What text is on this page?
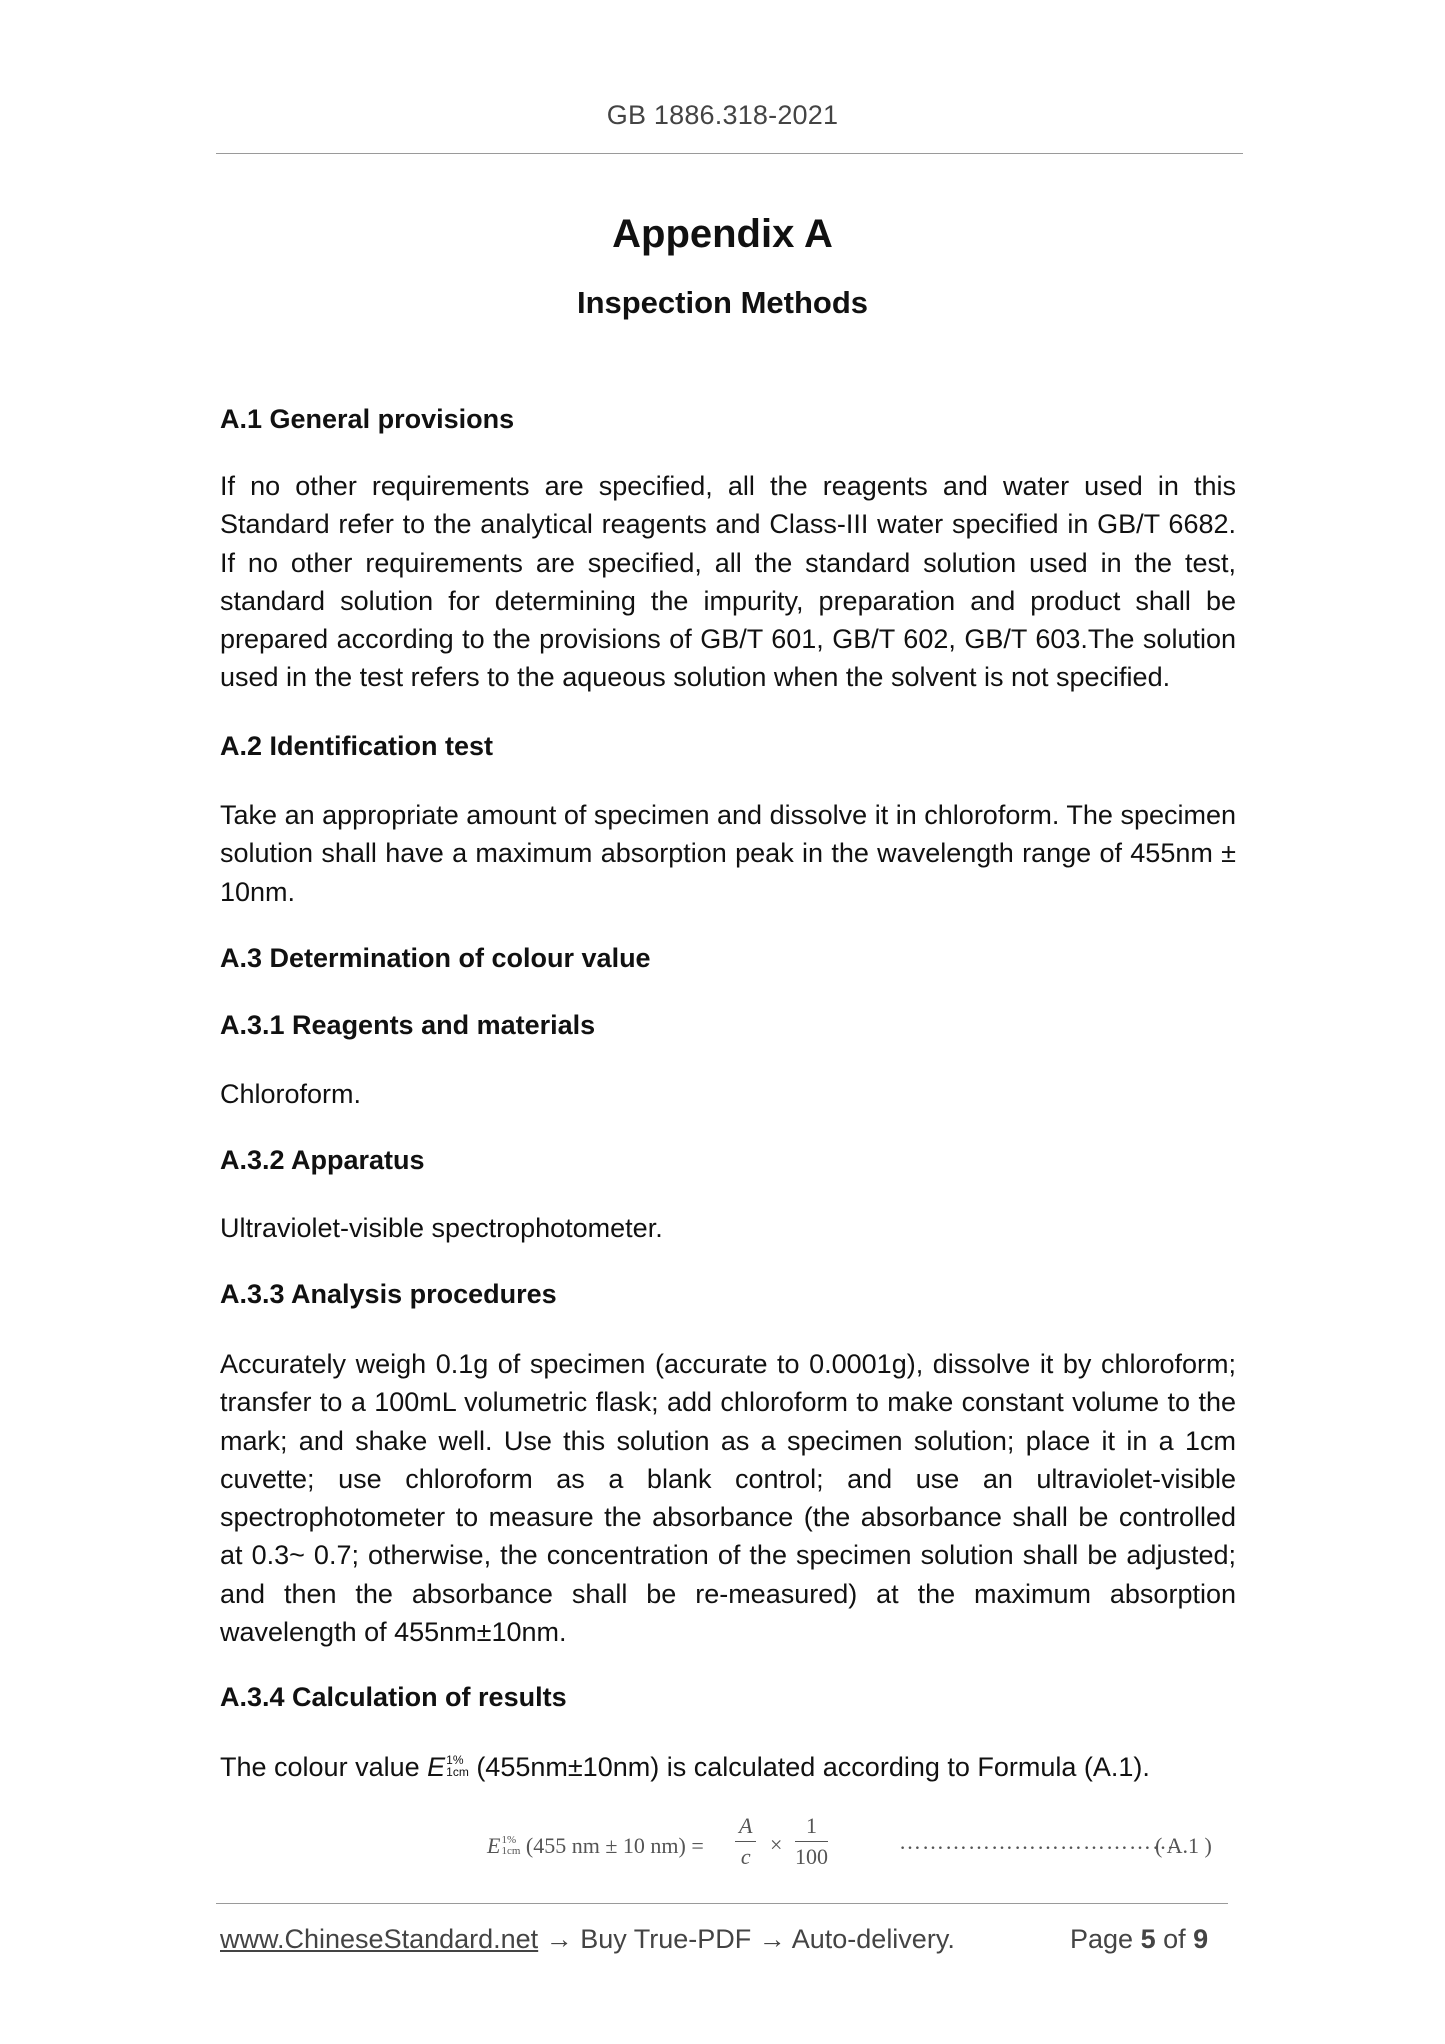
GB 1886.318-2021
Appendix A
Inspection Methods
A.1 General provisions

If no other requirements are specified, all the reagents and water used in this Standard refer to the analytical reagents and Class-III water specified in GB/T 6682. If no other requirements are specified, all the standard solution used in the test, standard solution for determining the impurity, preparation and product shall be prepared according to the provisions of GB/T 601, GB/T 602, GB/T 603.The solution used in the test refers to the aqueous solution when the solvent is not specified.

A.2 Identification test

Take an appropriate amount of specimen and dissolve it in chloroform. The specimen solution shall have a maximum absorption peak in the wavelength range of 455nm ± 10nm.

A.3 Determination of colour value
A.3.1 Reagents and materials

Chloroform.

A.3.2 Apparatus

Ultraviolet-visible spectrophotometer.

A.3.3 Analysis procedures

Accurately weigh 0.1g of specimen (accurate to 0.0001g), dissolve it by chloroform; transfer to a 100mL volumetric flask; add chloroform to make constant volume to the mark; and shake well. Use this solution as a specimen solution; place it in a 1cm cuvette; use chloroform as a blank control; and use an ultraviolet-visible spectrophotometer to measure the absorbance (the absorbance shall be controlled at 0.3~ 0.7; otherwise, the concentration of the specimen solution shall be adjusted; and then the absorbance shall be re-measured) at the maximum absorption wavelength of 455nm±10nm.

A.3.4 Calculation of results
The colour value E 1%
1cm (455nm±10nm) is calculated according to Formula (A.1).
E 1%
1cm (455 nm ± 10 nm) =
A
c ×
1
100
………………………………
( A.1 )
www.ChineseStandard.net → Buy True-PDF → Auto-delivery.	Page 5 of 9
